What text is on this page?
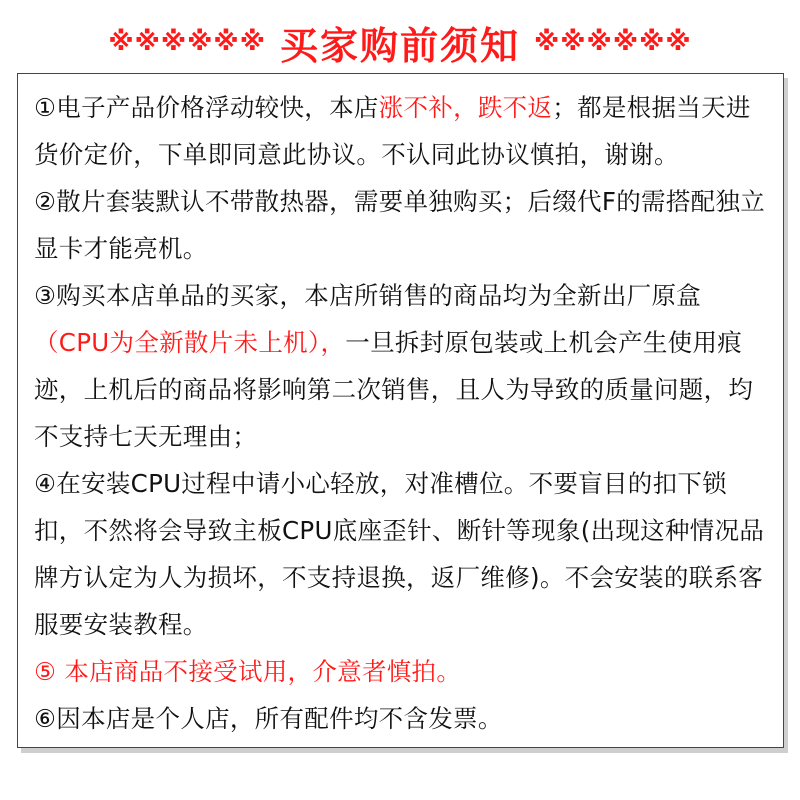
※※※※※※ 买家购前须知 ※※※※※※
①电子产品价格浮动较快，本店涨不补，跌不返；都是根据当天进货价定价，下单即同意此协议。不认同此协议慎拍，谢谢。
②散片套装默认不带散热器，需要单独购买；后缀代F的需搭配独立显卡才能亮机。
③购买本店单品的买家，本店所销售的商品均为全新出厂原盒（CPU为全新散片未上机），一旦拆封原包装或上机会产生使用痕迹，上机后的商品将影响第二次销售，且人为导致的质量问题，均不支持七天无理由；
④在安装CPU过程中请小心轻放，对准槽位。不要盲目的扣下锁扣，不然将会导致主板CPU底座歪针、断针等现象(出现这种情况品牌方认定为人为损坏，不支持退换，返厂维修)。不会安装的联系客服要安装教程。
⑤ 本店商品不接受试用，介意者慎拍。
⑥因本店是个人店，所有配件均不含发票。
